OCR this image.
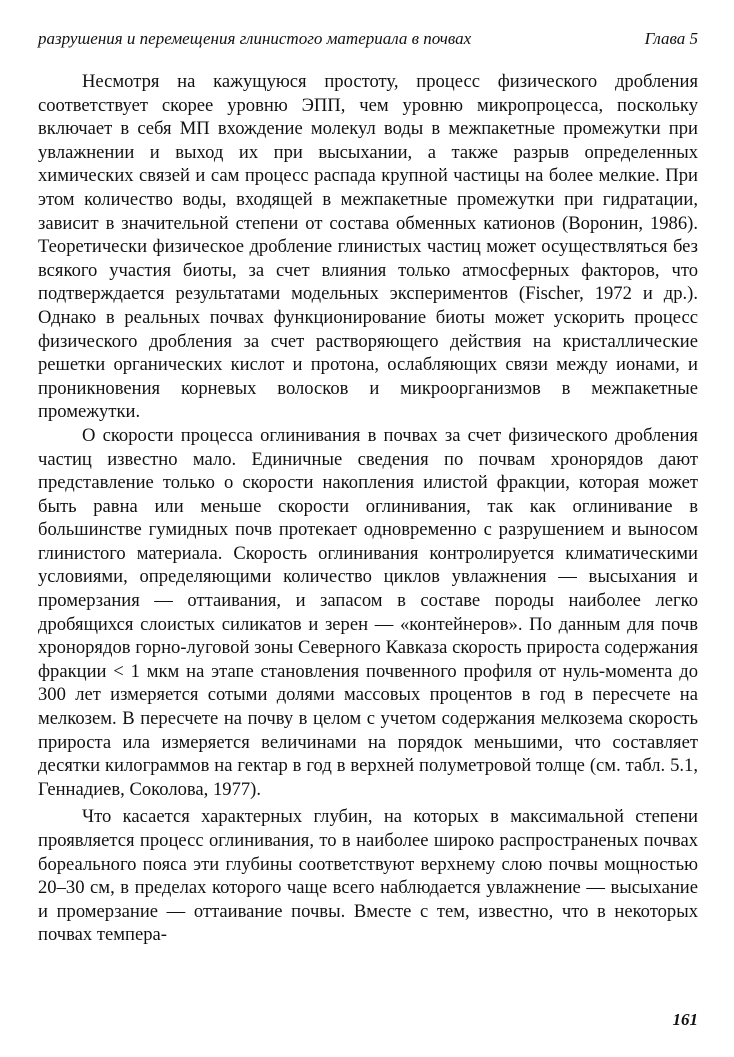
разрушения и перемещения глинистого материала в почвах	Глава 5

Несмотря на кажущуюся простоту, процесс физического дробления соответствует скорее уровню ЭПП, чем уровню микропроцесса, поскольку включает в себя МП вхождение молекул воды в межпакетные промежутки при увлажнении и выход их при высыхании, а также разрыв определенных химических связей и сам процесс распада крупной частицы на более мелкие. При этом количество воды, входящей в межпакетные промежутки при гидратации, зависит в значительной степени от состава обменных катионов (Воронин, 1986). Теоретически физическое дробление глинистых частиц может осуществляться без всякого участия биоты, за счет влияния только атмосферных факторов, что подтверждается результатами модельных экспериментов (Fischer, 1972 и др.). Однако в реальных почвах функционирование биоты может ускорить процесс физического дробления за счет растворяющего действия на кристаллические решетки органических кислот и протона, ослабляющих связи между ионами, и проникновения корневых волосков и микроорганизмов в межпакетные промежутки.

О скорости процесса оглинивания в почвах за счет физического дробления частиц известно мало. Единичные сведения по почвам хронорядов дают представление только о скорости накопления илистой фракции, которая может быть равна или меньше скорости оглинивания, так как оглинивание в большинстве гумидных почв протекает одновременно с разрушением и выносом глинистого материала. Скорость оглинивания контролируется климатическими условиями, определяющими количество циклов увлажнения — высыхания и промерзания — оттаивания, и запасом в составе породы наиболее легко дробящихся слоистых силикатов и зерен — «контейнеров». По данным для почв хронорядов горно-луговой зоны Северного Кавказа скорость прироста содержания фракции < 1 мкм на этапе становления почвенного профиля от нуль-момента до 300 лет измеряется сотыми долями массовых процентов в год в пересчете на мелкозем. В пересчете на почву в целом с учетом содержания мелкозема скорость прироста ила измеряется величинами на порядок меньшими, что составляет десятки килограммов на гектар в год в верхней полуметровой толще (см. табл. 5.1, Геннадиев, Соколова, 1977).

Что касается характерных глубин, на которых в максимальной степени проявляется процесс оглинивания, то в наиболее широко распространеных почвах бореального пояса эти глубины соответствуют верхнему слою почвы мощностью 20–30 см, в пределах которого чаще всего наблюдается увлажнение — высыхание и промерзание — оттаивание почвы. Вместе с тем, известно, что в некоторых почвах темпера-

161
